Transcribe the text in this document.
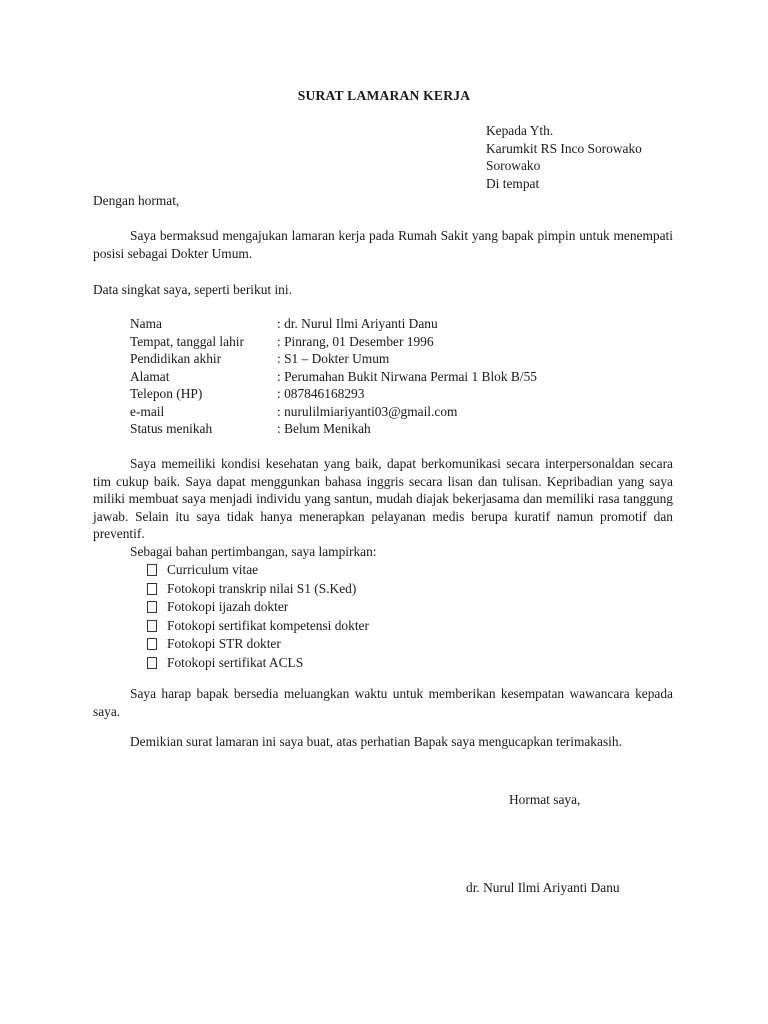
SURAT LAMARAN KERJA
Kepada Yth.
Karumkit RS Inco Sorowako
Sorowako
Di tempat
Dengan hormat,
Saya bermaksud mengajukan lamaran kerja pada Rumah Sakit yang bapak pimpin untuk menempati posisi sebagai Dokter Umum.
Data singkat saya, seperti berikut ini.
Nama	: dr. Nurul Ilmi Ariyanti Danu
Tempat, tanggal lahir	: Pinrang, 01 Desember 1996
Pendidikan akhir	: S1 – Dokter Umum
Alamat	: Perumahan Bukit Nirwana Permai 1 Blok B/55
Telepon (HP)	: 087846168293
e-mail	: nurulilmiariyanti03@gmail.com
Status menikah	: Belum Menikah
Saya memeiliki kondisi kesehatan yang baik, dapat berkomunikasi secara interpersonaldan secara tim cukup baik. Saya dapat menggunkan bahasa inggris secara lisan dan tulisan. Kepribadian yang saya miliki membuat saya menjadi individu yang santun, mudah diajak bekerjasama dan memiliki rasa tanggung jawab. Selain itu saya tidak hanya menerapkan pelayanan medis berupa kuratif namun promotif dan preventif.
Sebagai bahan pertimbangan, saya lampirkan:
Curriculum vitae
Fotokopi transkrip nilai S1 (S.Ked)
Fotokopi ijazah dokter
Fotokopi sertifikat kompetensi dokter
Fotokopi STR dokter
Fotokopi sertifikat ACLS
Saya harap bapak bersedia meluangkan waktu untuk memberikan kesempatan wawancara kepada saya.
Demikian surat lamaran ini saya buat, atas perhatian Bapak saya mengucapkan terimakasih.
Hormat saya,
dr. Nurul Ilmi Ariyanti Danu
